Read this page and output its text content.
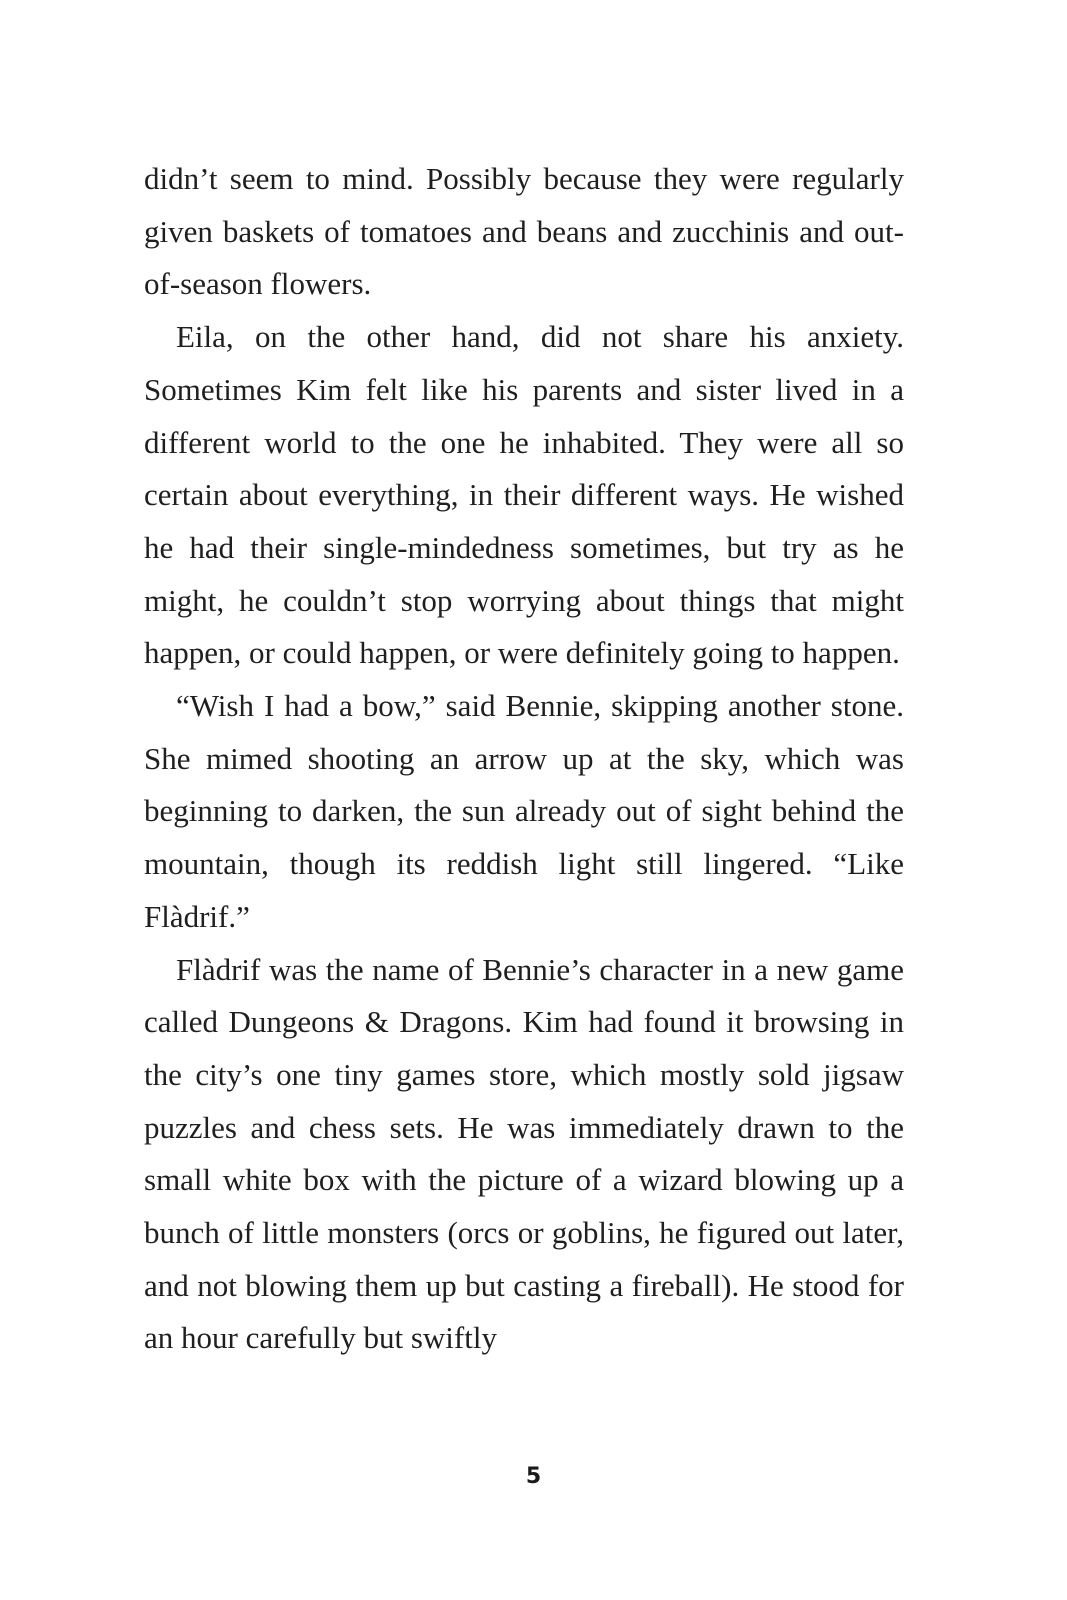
didn’t seem to mind. Possibly because they were regularly given baskets of tomatoes and beans and zucchinis and out-of-season flowers.

Eila, on the other hand, did not share his anxiety. Sometimes Kim felt like his parents and sister lived in a different world to the one he inhabited. They were all so certain about everything, in their different ways. He wished he had their single-mindedness sometimes, but try as he might, he couldn’t stop worrying about things that might happen, or could happen, or were definitely going to happen.

“Wish I had a bow,” said Bennie, skipping another stone. She mimed shooting an arrow up at the sky, which was beginning to darken, the sun already out of sight behind the mountain, though its reddish light still lingered. “Like Flàdrif.”

Flàdrif was the name of Bennie’s character in a new game called Dungeons & Dragons. Kim had found it browsing in the city’s one tiny games store, which mostly sold jigsaw puzzles and chess sets. He was immediately drawn to the small white box with the picture of a wizard blowing up a bunch of little monsters (orcs or goblins, he figured out later, and not blowing them up but casting a fireball). He stood for an hour carefully but swiftly

5
